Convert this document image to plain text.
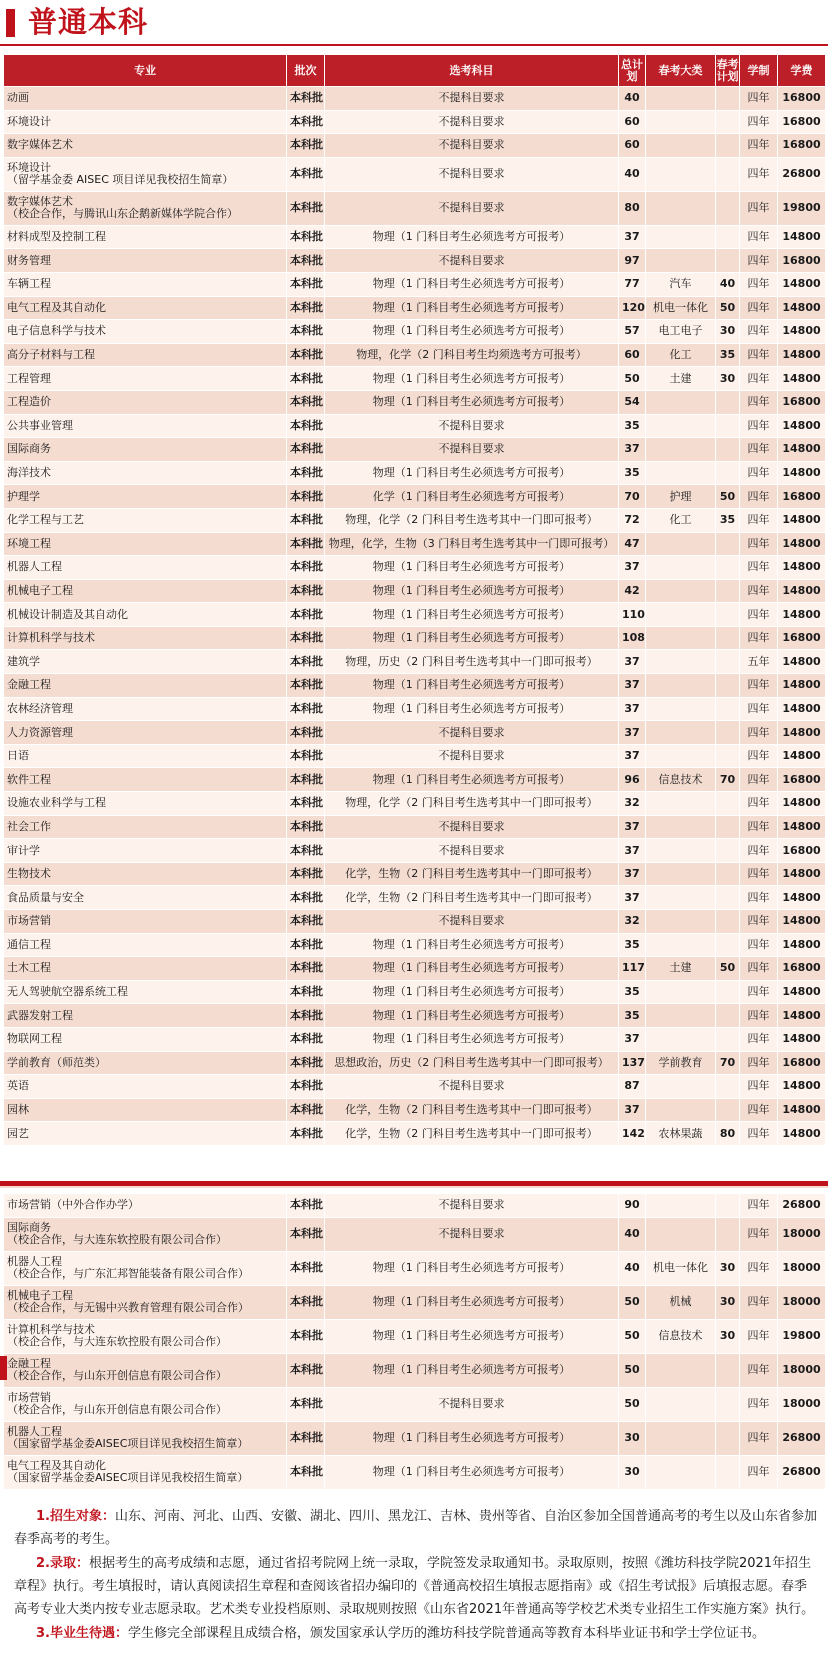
普通本科
专业	批次	选考科目	总计划	春考大类	春考计划	学制	学费
动画	本科批	不提科目要求	40			四年	16800
环境设计	本科批	不提科目要求	60			四年	16800
数字媒体艺术	本科批	不提科目要求	60			四年	16800
环境设计
（留学基金委 AISEC 项目详见我校招生简章）	本科批	不提科目要求	40			四年	26800
数字媒体艺术
（校企合作，与腾讯山东企鹅新媒体学院合作）	本科批	不提科目要求	80			四年	19800
材料成型及控制工程	本科批	物理（1 门科目考生必须选考方可报考）	37			四年	14800
财务管理	本科批	不提科目要求	97			四年	16800
车辆工程	本科批	物理（1 门科目考生必须选考方可报考）	77	汽车	40	四年	14800
电气工程及其自动化	本科批	物理（1 门科目考生必须选考方可报考）	120	机电一体化	50	四年	14800
电子信息科学与技术	本科批	物理（1 门科目考生必须选考方可报考）	57	电工电子	30	四年	14800
高分子材料与工程	本科批	物理，化学（2 门科目考生均须选考方可报考）	60	化工	35	四年	14800
工程管理	本科批	物理（1 门科目考生必须选考方可报考）	50	土建	30	四年	14800
工程造价	本科批	物理（1 门科目考生必须选考方可报考）	54			四年	16800
公共事业管理	本科批	不提科目要求	35			四年	14800
国际商务	本科批	不提科目要求	37			四年	14800
海洋技术	本科批	物理（1 门科目考生必须选考方可报考）	35			四年	14800
护理学	本科批	化学（1 门科目考生必须选考方可报考）	70	护理	50	四年	16800
化学工程与工艺	本科批	物理，化学（2 门科目考生选考其中一门即可报考）	72	化工	35	四年	14800
环境工程	本科批	物理，化学，生物（3 门科目考生选考其中一门即可报考）	47			四年	14800
机器人工程	本科批	物理（1 门科目考生必须选考方可报考）	37			四年	14800
机械电子工程	本科批	物理（1 门科目考生必须选考方可报考）	42			四年	14800
机械设计制造及其自动化	本科批	物理（1 门科目考生必须选考方可报考）	110			四年	14800
计算机科学与技术	本科批	物理（1 门科目考生必须选考方可报考）	108			四年	16800
建筑学	本科批	物理，历史（2 门科目考生选考其中一门即可报考）	37			五年	14800
金融工程	本科批	物理（1 门科目考生必须选考方可报考）	37			四年	14800
农林经济管理	本科批	物理（1 门科目考生必须选考方可报考）	37			四年	14800
人力资源管理	本科批	不提科目要求	37			四年	14800
日语	本科批	不提科目要求	37			四年	14800
软件工程	本科批	物理（1 门科目考生必须选考方可报考）	96	信息技术	70	四年	16800
设施农业科学与工程	本科批	物理，化学（2 门科目考生选考其中一门即可报考）	32			四年	14800
社会工作	本科批	不提科目要求	37			四年	14800
审计学	本科批	不提科目要求	37			四年	16800
生物技术	本科批	化学，生物（2 门科目考生选考其中一门即可报考）	37			四年	14800
食品质量与安全	本科批	化学，生物（2 门科目考生选考其中一门即可报考）	37			四年	14800
市场营销	本科批	不提科目要求	32			四年	14800
通信工程	本科批	物理（1 门科目考生必须选考方可报考）	35			四年	14800
土木工程	本科批	物理（1 门科目考生必须选考方可报考）	117	土建	50	四年	16800
无人驾驶航空器系统工程	本科批	物理（1 门科目考生必须选考方可报考）	35			四年	14800
武器发射工程	本科批	物理（1 门科目考生必须选考方可报考）	35			四年	14800
物联网工程	本科批	物理（1 门科目考生必须选考方可报考）	37			四年	14800
学前教育（师范类）	本科批	思想政治，历史（2 门科目考生选考其中一门即可报考）	137	学前教育	70	四年	16800
英语	本科批	不提科目要求	87			四年	14800
园林	本科批	化学，生物（2 门科目考生选考其中一门即可报考）	37			四年	14800
园艺	本科批	化学，生物（2 门科目考生选考其中一门即可报考）	142	农林果蔬	80	四年	14800
市场营销（中外合作办学）	本科批	不提科目要求	90			四年	26800
国际商务
（校企合作，与大连东软控股有限公司合作）	本科批	不提科目要求	40			四年	18000
机器人工程
（校企合作，与广东汇邦智能装备有限公司合作）	本科批	物理（1 门科目考生必须选考方可报考）	40	机电一体化	30	四年	18000
机械电子工程
（校企合作，与无锡中兴教育管理有限公司合作）	本科批	物理（1 门科目考生必须选考方可报考）	50	机械	30	四年	18000
计算机科学与技术
（校企合作，与大连东软控股有限公司合作）	本科批	物理（1 门科目考生必须选考方可报考）	50	信息技术	30	四年	19800
金融工程
（校企合作，与山东开创信息有限公司合作）	本科批	物理（1 门科目考生必须选考方可报考）	50			四年	18000
市场营销
（校企合作，与山东开创信息有限公司合作）	本科批	不提科目要求	50			四年	18000
机器人工程
（国家留学基金委AISEC项目详见我校招生简章）	本科批	物理（1 门科目考生必须选考方可报考）	30			四年	26800
电气工程及其自动化
（国家留学基金委AISEC项目详见我校招生简章）	本科批	物理（1 门科目考生必须选考方可报考）	30			四年	26800

1.招生对象：山东、河南、河北、山西、安徽、湖北、四川、黑龙江、吉林、贵州等省、自治区参加全国普通高考的考生以及山东省参加春季高考的考生。

2.录取：根据考生的高考成绩和志愿，通过省招考院网上统一录取，学院签发录取通知书。录取原则，按照《潍坊科技学院2021年招生章程》执行。考生填报时，请认真阅读招生章程和查阅该省招办编印的《普通高校招生填报志愿指南》或《招生考试报》后填报志愿。春季高考专业大类内按专业志愿录取。艺术类专业投档原则、录取规则按照《山东省2021年普通高等学校艺术类专业招生工作实施方案》执行。

3.毕业生待遇：学生修完全部课程且成绩合格，颁发国家承认学历的潍坊科技学院普通高等教育本科毕业证书和学士学位证书。
